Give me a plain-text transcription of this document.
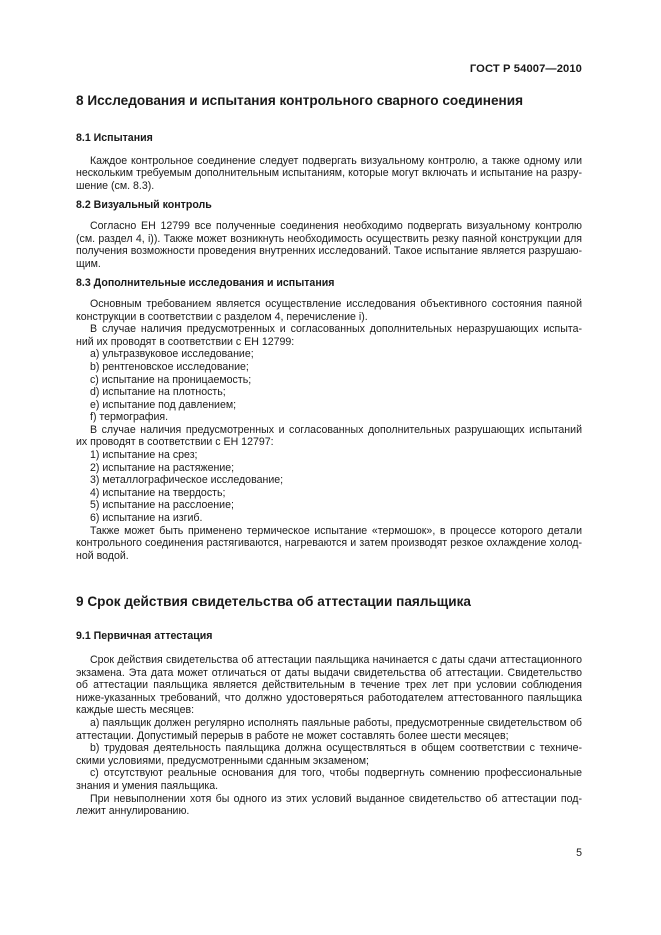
ГОСТ Р 54007—2010
8 Исследования и испытания контрольного сварного соединения
8.1 Испытания

Каждое контрольное соединение следует подвергать визуальному контролю, а также одному или нескольким требуемым дополнительным испытаниям, которые могут включать и испытание на разру-шение (см. 8.3).

8.2 Визуальный контроль

Согласно ЕН 12799 все полученные соединения необходимо подвергать визуальному контролю (см. раздел 4, i)). Также может возникнуть необходимость осуществить резку паяной конструкции для получения возможности проведения внутренних исследований. Такое испытание является разрушаю-щим.

8.3 Дополнительные исследования и испытания

Основным требованием является осуществление исследования объективного состояния паяной конструкции в соответствии с разделом 4, перечисление i).

В случае наличия предусмотренных и согласованных дополнительных неразрушающих испыта-ний их проводят в соответствии с ЕН 12799:

а) ультразвуковое исследование;
b) рентгеновское исследование;
с) испытание на проницаемость;
d) испытание на плотность;
е) испытание под давлением;
f) термография.

В случае наличия предусмотренных и согласованных дополнительных разрушающих испытаний их проводят в соответствии с ЕН 12797:

1) испытание на срез;
2) испытание на растяжение;
3) металлографическое исследование;
4) испытание на твердость;
5) испытание на расслоение;
6) испытание на изгиб.

Также может быть применено термическое испытание «термошок», в процессе которого детали контрольного соединения растягиваются, нагреваются и затем производят резкое охлаждение холод-ной водой.

9 Срок действия свидетельства об аттестации паяльщика
9.1 Первичная аттестация

Срок действия свидетельства об аттестации паяльщика начинается с даты сдачи аттестационного экзамена. Эта дата может отличаться от даты выдачи свидетельства об аттестации. Свидетельство об аттестации паяльщика является действительным в течение трех лет при условии соблюдения ниже-указанных требований, что должно удостоверяться работодателем аттестованного паяльщика каждые шесть месяцев:

а) паяльщик должен регулярно исполнять паяльные работы, предусмотренные свидетельством об аттестации. Допустимый перерыв в работе не может составлять более шести месяцев;

b) трудовая деятельность паяльщика должна осуществляться в общем соответствии с техниче-скими условиями, предусмотренными сданным экзаменом;

с) отсутствуют реальные основания для того, чтобы подвергнуть сомнению профессиональные знания и умения паяльщика.

При невыполнении хотя бы одного из этих условий выданное свидетельство об аттестации под-лежит аннулированию.

5
